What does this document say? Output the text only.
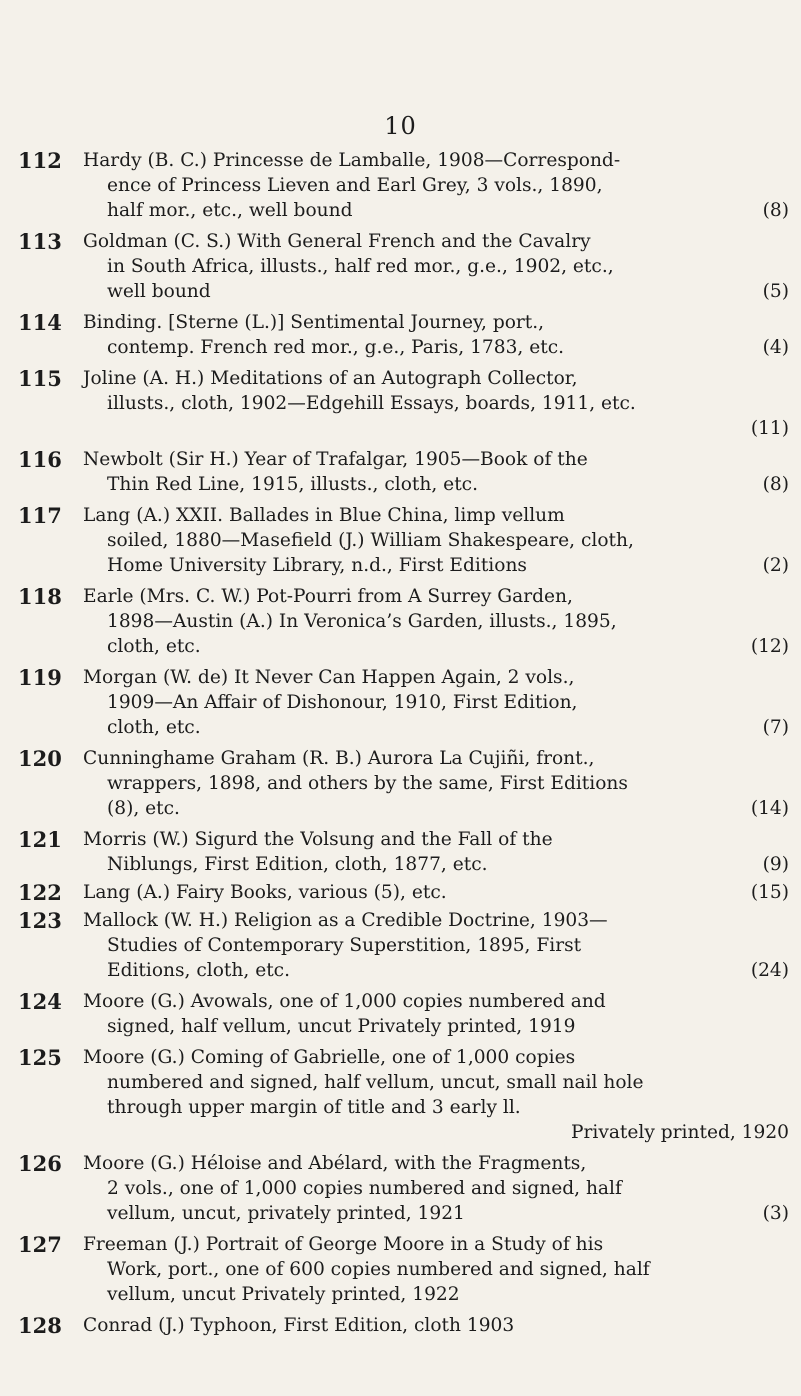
10
112	Hardy (B. C.) Princesse de Lamballe, 1908—Correspond-
ence of Princess Lieven and Earl Grey, 3 vols., 1890,
half mor., etc., well bound	(8)
113	Goldman (C. S.) With General French and the Cavalry
in South Africa, illusts., half red mor., g.e., 1902, etc.,
well bound	(5)
114	Binding. [Sterne (L.)] Sentimental Journey, port.,
contemp. French red mor., g.e., Paris, 1783, etc.	(4)
115	Joline (A. H.) Meditations of an Autograph Collector,
illusts., cloth, 1902—Edgehill Essays, boards, 1911, etc.
(11)
116	Newbolt (Sir H.) Year of Trafalgar, 1905—Book of the
Thin Red Line, 1915, illusts., cloth, etc.	(8)
117	Lang (A.) XXII. Ballades in Blue China, limp vellum
soiled, 1880—Masefield (J.) William Shakespeare, cloth,
Home University Library, n.d., First Editions	(2)
118	Earle (Mrs. C. W.) Pot-Pourri from A Surrey Garden,
1898—Austin (A.) In Veronica’s Garden, illusts., 1895,
cloth, etc.	(12)
119	Morgan (W. de) It Never Can Happen Again, 2 vols.,
1909—An Affair of Dishonour, 1910, First Edition,
cloth, etc.	(7)
120	Cunninghame Graham (R. B.) Aurora La Cujiñi, front.,
wrappers, 1898, and others by the same, First Editions
(8), etc.	(14)
121	Morris (W.) Sigurd the Volsung and the Fall of the
Niblungs, First Edition, cloth, 1877, etc.	(9)
122	Lang (A.) Fairy Books, various (5), etc.	(15)
123	Mallock (W. H.) Religion as a Credible Doctrine, 1903—
Studies of Contemporary Superstition, 1895, First
Editions, cloth, etc.	(24)
124	Moore (G.) Avowals, one of 1,000 copies numbered and
signed, half vellum, uncut Privately printed, 1919
125	Moore (G.) Coming of Gabrielle, one of 1,000 copies
numbered and signed, half vellum, uncut, small nail hole
through upper margin of title and 3 early ll.
Privately printed, 1920
126	Moore (G.) Héloise and Abélard, with the Fragments,
2 vols., one of 1,000 copies numbered and signed, half
vellum, uncut, privately printed, 1921	(3)
127	Freeman (J.) Portrait of George Moore in a Study of his
Work, port., one of 600 copies numbered and signed, half
vellum, uncut Privately printed, 1922
128	Conrad (J.) Typhoon, First Edition, cloth 1903
